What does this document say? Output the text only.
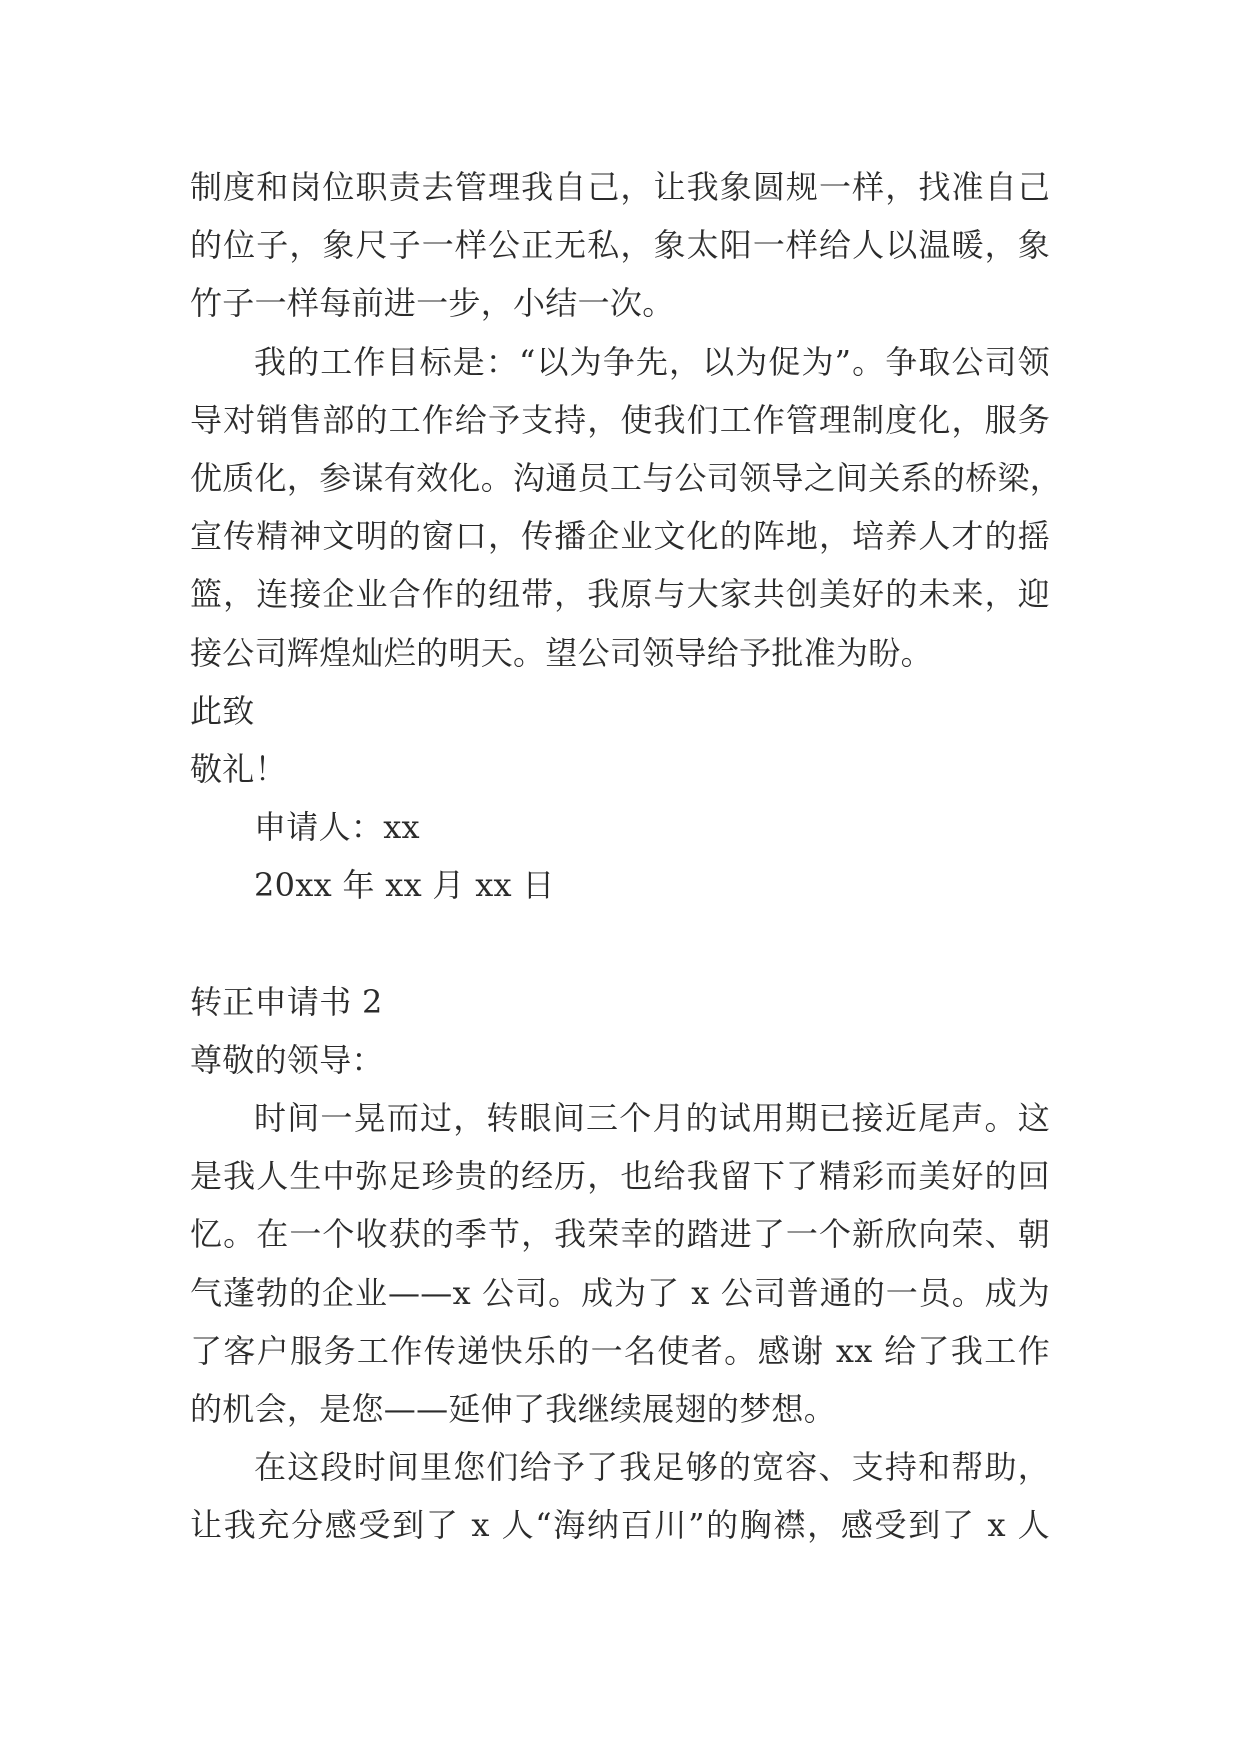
制度和岗位职责去管理我自己，让我象圆规一样，找准自己
的位子，象尺子一样公正无私，象太阳一样给人以温暖，象
竹子一样每前进一步，小结一次。
我的工作目标是：“以为争先，以为促为”。争取公司领
导对销售部的工作给予支持，使我们工作管理制度化，服务
优质化，参谋有效化。沟通员工与公司领导之间关系的桥梁，
宣传精神文明的窗口，传播企业文化的阵地，培养人才的摇
篮，连接企业合作的纽带，我原与大家共创美好的未来，迎
接公司辉煌灿烂的明天。望公司领导给予批准为盼。
此致
敬礼！
申请人：xx
20xx 年 xx 月 xx 日
转正申请书 2
尊敬的领导：
时间一晃而过，转眼间三个月的试用期已接近尾声。这
是我人生中弥足珍贵的经历，也给我留下了精彩而美好的回
忆。在一个收获的季节，我荣幸的踏进了一个新欣向荣、朝
气蓬勃的企业——x 公司。成为了 x 公司普通的一员。成为
了客户服务工作传递快乐的一名使者。感谢 xx 给了我工作
的机会，是您——延伸了我继续展翅的梦想。
在这段时间里您们给予了我足够的宽容、支持和帮助，
让我充分感受到了 x 人“海纳百川”的胸襟，感受到了 x 人
